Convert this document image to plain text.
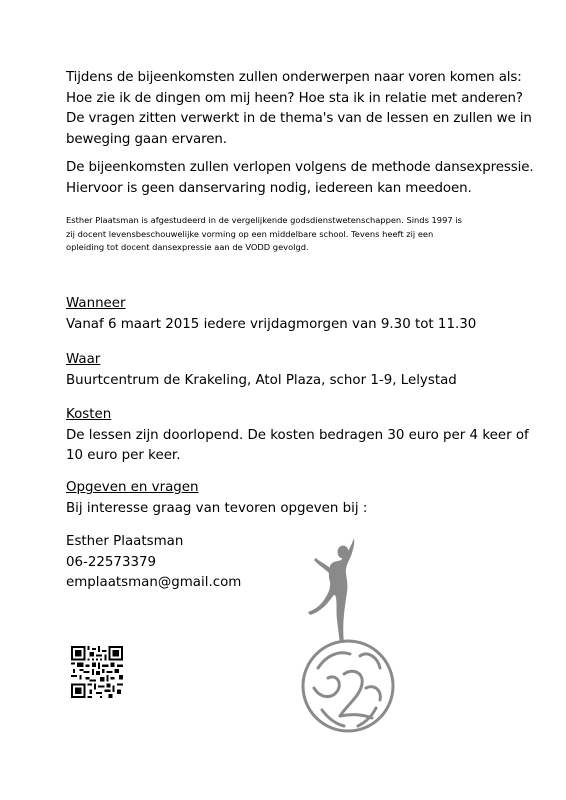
Tijdens de bijeenkomsten zullen onderwerpen naar voren komen als:
Hoe zie ik de dingen om mij heen? Hoe sta ik in relatie met anderen?
De vragen zitten verwerkt in de thema's van de lessen en zullen we in
beweging gaan ervaren.
De bijeenkomsten zullen verlopen volgens de methode dansexpressie.
Hiervoor is geen danservaring nodig, iedereen kan meedoen.
Esther Plaatsman is afgestudeerd in de vergelijkende godsdienstwetenschappen. Sinds 1997 is
zij docent levensbeschouwelijke vorming op een middelbare school. Tevens heeft zij een
opleiding tot docent dansexpressie aan de VODD gevolgd.
Wanneer
Vanaf 6 maart 2015 iedere vrijdagmorgen van 9.30 tot 11.30
Waar
Buurtcentrum de Krakeling, Atol Plaza, schor 1-9, Lelystad
Kosten
De lessen zijn doorlopend. De kosten bedragen 30 euro per 4 keer of
10 euro per keer.
Opgeven en vragen
Bij interesse graag van tevoren opgeven bij :
Esther Plaatsman
06-22573379
emplaatsman@gmail.com
